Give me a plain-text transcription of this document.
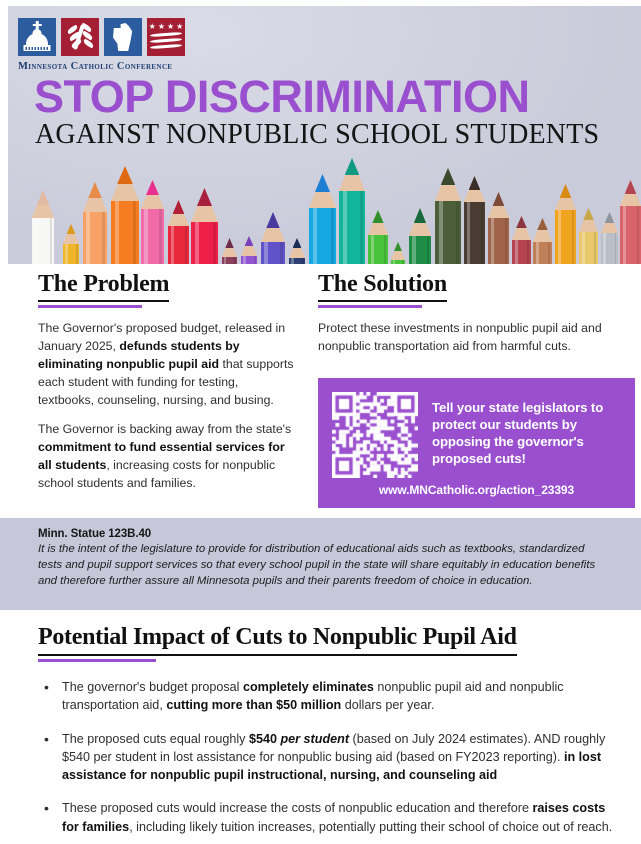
★ ★ ★ ★
Minnesota Catholic Conference
STOP DISCRIMINATION
AGAINST NONPUBLIC SCHOOL STUDENTS
The Problem

The Governor's proposed budget, released in January 2025, defunds students by eliminating nonpublic pupil aid that supports each student with funding for testing, textbooks, counseling, nursing, and busing.

The Governor is backing away from the state's commitment to fund essential services for all students, increasing costs for nonpublic school students and families.

The Solution

Protect these investments in nonpublic pupil aid and nonpublic transportation aid from harmful cuts.

Tell your state legislators to protect our students by opposing the governor's proposed cuts!
www.MNCatholic.org/action_23393
Minn. Statue 123B.40
It is the intent of the legislature to provide for distribution of educational aids such as textbooks, standardized tests and pupil support services so that every school pupil in the state will share equitably in education benefits and therefore further assure all Minnesota pupils and their parents freedom of choice in education.
Potential Impact of Cuts to Nonpublic Pupil Aid
• The governor's budget proposal completely eliminates nonpublic pupil aid and nonpublic transportation aid, cutting more than $50 million dollars per year.
• The proposed cuts equal roughly $540 per student (based on July 2024 estimates). AND roughly $540 per student in lost assistance for nonpublic busing aid (based on FY2023 reporting). in lost assistance for nonpublic pupil instructional, nursing, and counseling aid
• These proposed cuts would increase the costs of nonpublic education and therefore raises costs for families, including likely tuition increases, potentially putting their school of choice out of reach.
